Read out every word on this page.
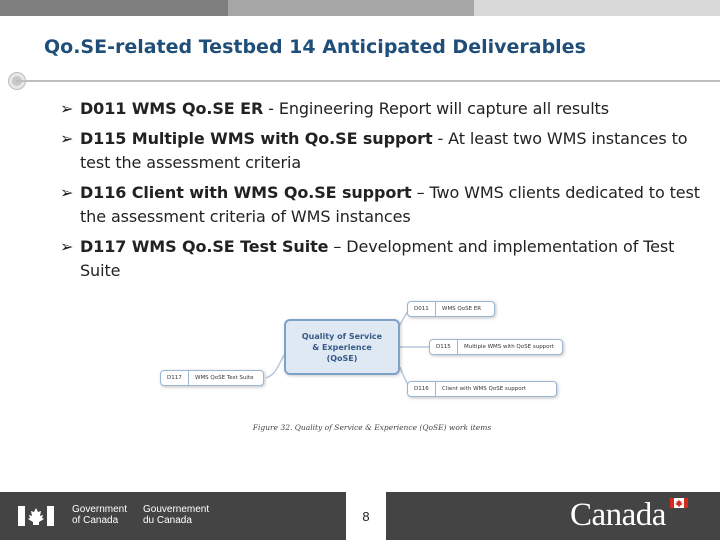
Qo.SE-related Testbed 14 Anticipated Deliverables
➢ D011 WMS Qo.SE ER - Engineering Report will capture all results
➢ D115 Multiple WMS with Qo.SE support - At least two WMS instances to test the assessment criteria
➢ D116 Client with WMS Qo.SE support – Two WMS clients dedicated to test the assessment criteria of WMS instances
➢ D117 WMS Qo.SE Test Suite – Development and implementation of Test Suite
Quality of Service
& Experience
(QoSE)
D011	WMS QoSE ER
D115	Multiple WMS with QoSE support
D116	Client with WMS QoSE support
D117	WMS QoSE Test Suite
Figure 32. Quality of Service & Experience (QoSE) work items
Government
of Canada
Gouvernement
du Canada	8	Canada
